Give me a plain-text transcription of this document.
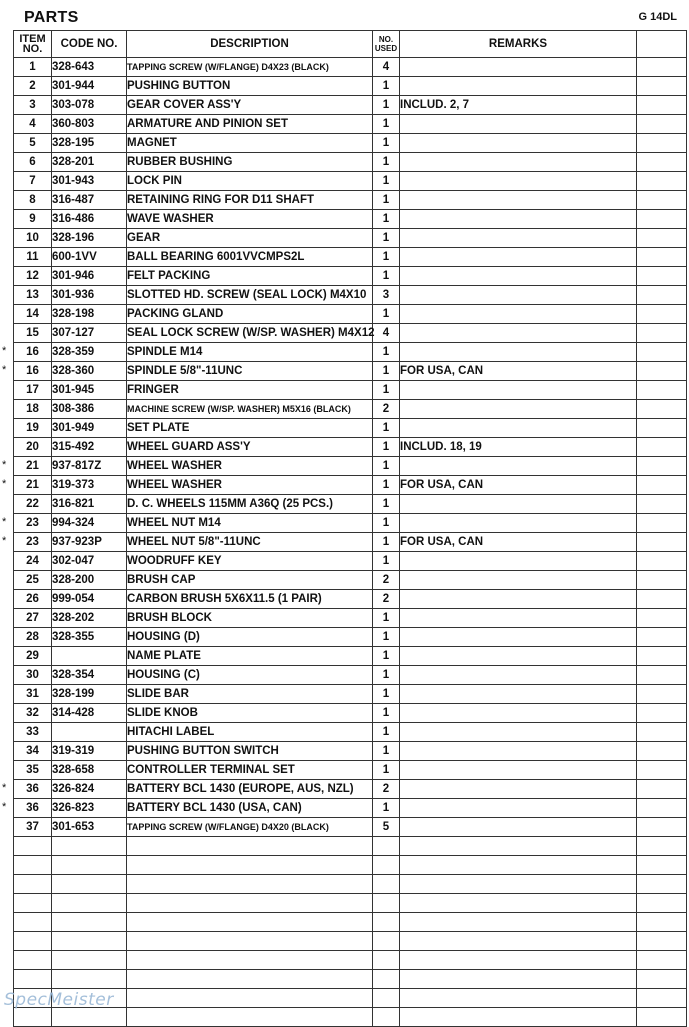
PARTS	G 14DL
ITEM
NO.	CODE NO.	DESCRIPTION	NO.
USED	REMARKS	
1	328-643	TAPPING SCREW (W/FLANGE) D4X23 (BLACK)	4		
2	301-944	PUSHING BUTTON	1		
3	303-078	GEAR COVER ASS'Y	1	INCLUD. 2, 7	
4	360-803	ARMATURE AND PINION SET	1		
5	328-195	MAGNET	1		
6	328-201	RUBBER BUSHING	1		
7	301-943	LOCK PIN	1		
8	316-487	RETAINING RING FOR D11 SHAFT	1		
9	316-486	WAVE WASHER	1		
10	328-196	GEAR	1		
11	600-1VV	BALL BEARING 6001VVCMPS2L	1		
12	301-946	FELT PACKING	1		
13	301-936	SLOTTED HD. SCREW (SEAL LOCK) M4X10	3		
14	328-198	PACKING GLAND	1		
15	307-127	SEAL LOCK SCREW (W/SP. WASHER) M4X12	4		

* 16	328-359	SPINDLE M14	1		

* 16	328-360	SPINDLE 5/8"-11UNC	1	FOR USA, CAN	
17	301-945	FRINGER	1		
18	308-386	MACHINE SCREW (W/SP. WASHER) M5X16 (BLACK)	2		
19	301-949	SET PLATE	1		
20	315-492	WHEEL GUARD ASS'Y	1	INCLUD. 18, 19	

* 21	937-817Z	WHEEL WASHER	1		

* 21	319-373	WHEEL WASHER	1	FOR USA, CAN	
22	316-821	D. C. WHEELS 115MM A36Q (25 PCS.)	1		

* 23	994-324	WHEEL NUT M14	1		

* 23	937-923P	WHEEL NUT 5/8"-11UNC	1	FOR USA, CAN	
24	302-047	WOODRUFF KEY	1		
25	328-200	BRUSH CAP	2		
26	999-054	CARBON BRUSH 5X6X11.5 (1 PAIR)	2		
27	328-202	BRUSH BLOCK	1		
28	328-355	HOUSING (D)	1		
29		NAME PLATE	1		
30	328-354	HOUSING (C)	1		
31	328-199	SLIDE BAR	1		
32	314-428	SLIDE KNOB	1		
33		HITACHI LABEL	1		
34	319-319	PUSHING BUTTON SWITCH	1		
35	328-658	CONTROLLER TERMINAL SET	1		

* 36	326-824	BATTERY BCL 1430 (EUROPE, AUS, NZL)	2		

* 36	326-823	BATTERY BCL 1430 (USA, CAN)	1		
37	301-653	TAPPING SCREW (W/FLANGE) D4X20 (BLACK)	5		

SpecMeister
